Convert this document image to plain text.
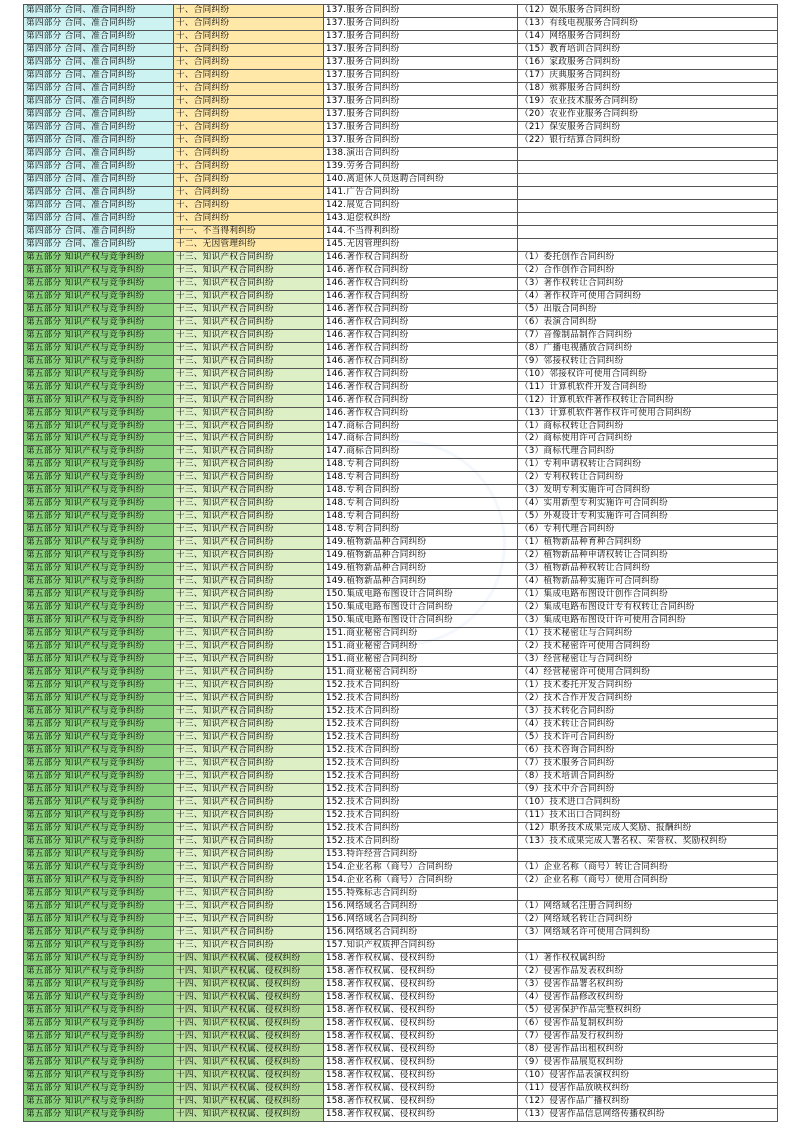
第四部分 合同、准合同纠纷	十、合同纠纷	137.服务合同纠纷	（12）娱乐服务合同纠纷
第四部分 合同、准合同纠纷	十、合同纠纷	137.服务合同纠纷	（13）有线电视服务合同纠纷
第四部分 合同、准合同纠纷	十、合同纠纷	137.服务合同纠纷	（14）网络服务合同纠纷
第四部分 合同、准合同纠纷	十、合同纠纷	137.服务合同纠纷	（15）教育培训合同纠纷
第四部分 合同、准合同纠纷	十、合同纠纷	137.服务合同纠纷	（16）家政服务合同纠纷
第四部分 合同、准合同纠纷	十、合同纠纷	137.服务合同纠纷	（17）庆典服务合同纠纷
第四部分 合同、准合同纠纷	十、合同纠纷	137.服务合同纠纷	（18）殡葬服务合同纠纷
第四部分 合同、准合同纠纷	十、合同纠纷	137.服务合同纠纷	（19）农业技术服务合同纠纷
第四部分 合同、准合同纠纷	十、合同纠纷	137.服务合同纠纷	（20）农业作业服务合同纠纷
第四部分 合同、准合同纠纷	十、合同纠纷	137.服务合同纠纷	（21）保安服务合同纠纷
第四部分 合同、准合同纠纷	十、合同纠纷	137.服务合同纠纷	（22）银行结算合同纠纷
第四部分 合同、准合同纠纷	十、合同纠纷	138.演出合同纠纷	
第四部分 合同、准合同纠纷	十、合同纠纷	139.劳务合同纠纷	
第四部分 合同、准合同纠纷	十、合同纠纷	140.离退休人员返聘合同纠纷	
第四部分 合同、准合同纠纷	十、合同纠纷	141.广告合同纠纷	
第四部分 合同、准合同纠纷	十、合同纠纷	142.展览合同纠纷	
第四部分 合同、准合同纠纷	十、合同纠纷	143.追偿权纠纷	
第四部分 合同、准合同纠纷	十一、不当得利纠纷	144.不当得利纠纷	
第四部分 合同、准合同纠纷	十二、无因管理纠纷	145.无因管理纠纷	
第五部分 知识产权与竞争纠纷	十三、知识产权合同纠纷	146.著作权合同纠纷	（1）委托创作合同纠纷
第五部分 知识产权与竞争纠纷	十三、知识产权合同纠纷	146.著作权合同纠纷	（2）合作创作合同纠纷
第五部分 知识产权与竞争纠纷	十三、知识产权合同纠纷	146.著作权合同纠纷	（3）著作权转让合同纠纷
第五部分 知识产权与竞争纠纷	十三、知识产权合同纠纷	146.著作权合同纠纷	（4）著作权许可使用合同纠纷
第五部分 知识产权与竞争纠纷	十三、知识产权合同纠纷	146.著作权合同纠纷	（5）出版合同纠纷
第五部分 知识产权与竞争纠纷	十三、知识产权合同纠纷	146.著作权合同纠纷	（6）表演合同纠纷
第五部分 知识产权与竞争纠纷	十三、知识产权合同纠纷	146.著作权合同纠纷	（7）音像制品制作合同纠纷
第五部分 知识产权与竞争纠纷	十三、知识产权合同纠纷	146.著作权合同纠纷	（8）广播电视播放合同纠纷
第五部分 知识产权与竞争纠纷	十三、知识产权合同纠纷	146.著作权合同纠纷	（9）邻接权转让合同纠纷
第五部分 知识产权与竞争纠纷	十三、知识产权合同纠纷	146.著作权合同纠纷	（10）邻接权许可使用合同纠纷
第五部分 知识产权与竞争纠纷	十三、知识产权合同纠纷	146.著作权合同纠纷	（11）计算机软件开发合同纠纷
第五部分 知识产权与竞争纠纷	十三、知识产权合同纠纷	146.著作权合同纠纷	（12）计算机软件著作权转让合同纠纷
第五部分 知识产权与竞争纠纷	十三、知识产权合同纠纷	146.著作权合同纠纷	（13）计算机软件著作权许可使用合同纠纷
第五部分 知识产权与竞争纠纷	十三、知识产权合同纠纷	147.商标合同纠纷	（1）商标权转让合同纠纷
第五部分 知识产权与竞争纠纷	十三、知识产权合同纠纷	147.商标合同纠纷	（2）商标使用许可合同纠纷
第五部分 知识产权与竞争纠纷	十三、知识产权合同纠纷	147.商标合同纠纷	（3）商标代理合同纠纷
第五部分 知识产权与竞争纠纷	十三、知识产权合同纠纷	148.专利合同纠纷	（1）专利申请权转让合同纠纷
第五部分 知识产权与竞争纠纷	十三、知识产权合同纠纷	148.专利合同纠纷	（2）专利权转让合同纠纷
第五部分 知识产权与竞争纠纷	十三、知识产权合同纠纷	148.专利合同纠纷	（3）发明专利实施许可合同纠纷
第五部分 知识产权与竞争纠纷	十三、知识产权合同纠纷	148.专利合同纠纷	（4）实用新型专利实施许可合同纠纷
第五部分 知识产权与竞争纠纷	十三、知识产权合同纠纷	148.专利合同纠纷	（5）外观设计专利实施许可合同纠纷
第五部分 知识产权与竞争纠纷	十三、知识产权合同纠纷	148.专利合同纠纷	（6）专利代理合同纠纷
第五部分 知识产权与竞争纠纷	十三、知识产权合同纠纷	149.植物新品种合同纠纷	（1）植物新品种育种合同纠纷
第五部分 知识产权与竞争纠纷	十三、知识产权合同纠纷	149.植物新品种合同纠纷	（2）植物新品种申请权转让合同纠纷
第五部分 知识产权与竞争纠纷	十三、知识产权合同纠纷	149.植物新品种合同纠纷	（3）植物新品种权转让合同纠纷
第五部分 知识产权与竞争纠纷	十三、知识产权合同纠纷	149.植物新品种合同纠纷	（4）植物新品种实施许可合同纠纷
第五部分 知识产权与竞争纠纷	十三、知识产权合同纠纷	150.集成电路布图设计合同纠纷	（1）集成电路布图设计创作合同纠纷
第五部分 知识产权与竞争纠纷	十三、知识产权合同纠纷	150.集成电路布图设计合同纠纷	（2）集成电路布图设计专有权转让合同纠纷
第五部分 知识产权与竞争纠纷	十三、知识产权合同纠纷	150.集成电路布图设计合同纠纷	（3）集成电路布图设计许可使用合同纠纷
第五部分 知识产权与竞争纠纷	十三、知识产权合同纠纷	151.商业秘密合同纠纷	（1）技术秘密让与合同纠纷
第五部分 知识产权与竞争纠纷	十三、知识产权合同纠纷	151.商业秘密合同纠纷	（2）技术秘密许可使用合同纠纷
第五部分 知识产权与竞争纠纷	十三、知识产权合同纠纷	151.商业秘密合同纠纷	（3）经营秘密让与合同纠纷
第五部分 知识产权与竞争纠纷	十三、知识产权合同纠纷	151.商业秘密合同纠纷	（4）经营秘密许可使用合同纠纷
第五部分 知识产权与竞争纠纷	十三、知识产权合同纠纷	152.技术合同纠纷	（1）技术委托开发合同纠纷
第五部分 知识产权与竞争纠纷	十三、知识产权合同纠纷	152.技术合同纠纷	（2）技术合作开发合同纠纷
第五部分 知识产权与竞争纠纷	十三、知识产权合同纠纷	152.技术合同纠纷	（3）技术转化合同纠纷
第五部分 知识产权与竞争纠纷	十三、知识产权合同纠纷	152.技术合同纠纷	（4）技术转让合同纠纷
第五部分 知识产权与竞争纠纷	十三、知识产权合同纠纷	152.技术合同纠纷	（5）技术许可合同纠纷
第五部分 知识产权与竞争纠纷	十三、知识产权合同纠纷	152.技术合同纠纷	（6）技术咨询合同纠纷
第五部分 知识产权与竞争纠纷	十三、知识产权合同纠纷	152.技术合同纠纷	（7）技术服务合同纠纷
第五部分 知识产权与竞争纠纷	十三、知识产权合同纠纷	152.技术合同纠纷	（8）技术培训合同纠纷
第五部分 知识产权与竞争纠纷	十三、知识产权合同纠纷	152.技术合同纠纷	（9）技术中介合同纠纷
第五部分 知识产权与竞争纠纷	十三、知识产权合同纠纷	152.技术合同纠纷	（10）技术进口合同纠纷
第五部分 知识产权与竞争纠纷	十三、知识产权合同纠纷	152.技术合同纠纷	（11）技术出口合同纠纷
第五部分 知识产权与竞争纠纷	十三、知识产权合同纠纷	152.技术合同纠纷	（12）职务技术成果完成人奖励、报酬纠纷
第五部分 知识产权与竞争纠纷	十三、知识产权合同纠纷	152.技术合同纠纷	（13）技术成果完成人署名权、荣誉权、奖励权纠纷
第五部分 知识产权与竞争纠纷	十三、知识产权合同纠纷	153.特许经营合同纠纷	
第五部分 知识产权与竞争纠纷	十三、知识产权合同纠纷	154.企业名称（商号）合同纠纷	（1）企业名称（商号）转让合同纠纷
第五部分 知识产权与竞争纠纷	十三、知识产权合同纠纷	154.企业名称（商号）合同纠纷	（2）企业名称（商号）使用合同纠纷
第五部分 知识产权与竞争纠纷	十三、知识产权合同纠纷	155.特殊标志合同纠纷	
第五部分 知识产权与竞争纠纷	十三、知识产权合同纠纷	156.网络域名合同纠纷	（1）网络域名注册合同纠纷
第五部分 知识产权与竞争纠纷	十三、知识产权合同纠纷	156.网络域名合同纠纷	（2）网络域名转让合同纠纷
第五部分 知识产权与竞争纠纷	十三、知识产权合同纠纷	156.网络域名合同纠纷	（3）网络域名许可使用合同纠纷
第五部分 知识产权与竞争纠纷	十三、知识产权合同纠纷	157.知识产权质押合同纠纷	
第五部分 知识产权与竞争纠纷	十四、知识产权权属、侵权纠纷	158.著作权权属、侵权纠纷	（1）著作权权属纠纷
第五部分 知识产权与竞争纠纷	十四、知识产权权属、侵权纠纷	158.著作权权属、侵权纠纷	（2）侵害作品发表权纠纷
第五部分 知识产权与竞争纠纷	十四、知识产权权属、侵权纠纷	158.著作权权属、侵权纠纷	（3）侵害作品署名权纠纷
第五部分 知识产权与竞争纠纷	十四、知识产权权属、侵权纠纷	158.著作权权属、侵权纠纷	（4）侵害作品修改权纠纷
第五部分 知识产权与竞争纠纷	十四、知识产权权属、侵权纠纷	158.著作权权属、侵权纠纷	（5）侵害保护作品完整权纠纷
第五部分 知识产权与竞争纠纷	十四、知识产权权属、侵权纠纷	158.著作权权属、侵权纠纷	（6）侵害作品复制权纠纷
第五部分 知识产权与竞争纠纷	十四、知识产权权属、侵权纠纷	158.著作权权属、侵权纠纷	（7）侵害作品发行权纠纷
第五部分 知识产权与竞争纠纷	十四、知识产权权属、侵权纠纷	158.著作权权属、侵权纠纷	（8）侵害作品出租权纠纷
第五部分 知识产权与竞争纠纷	十四、知识产权权属、侵权纠纷	158.著作权权属、侵权纠纷	（9）侵害作品展览权纠纷
第五部分 知识产权与竞争纠纷	十四、知识产权权属、侵权纠纷	158.著作权权属、侵权纠纷	（10）侵害作品表演权纠纷
第五部分 知识产权与竞争纠纷	十四、知识产权权属、侵权纠纷	158.著作权权属、侵权纠纷	（11）侵害作品放映权纠纷
第五部分 知识产权与竞争纠纷	十四、知识产权权属、侵权纠纷	158.著作权权属、侵权纠纷	（12）侵害作品广播权纠纷
第五部分 知识产权与竞争纠纷	十四、知识产权权属、侵权纠纷	158.著作权权属、侵权纠纷	（13）侵害作品信息网络传播权纠纷
